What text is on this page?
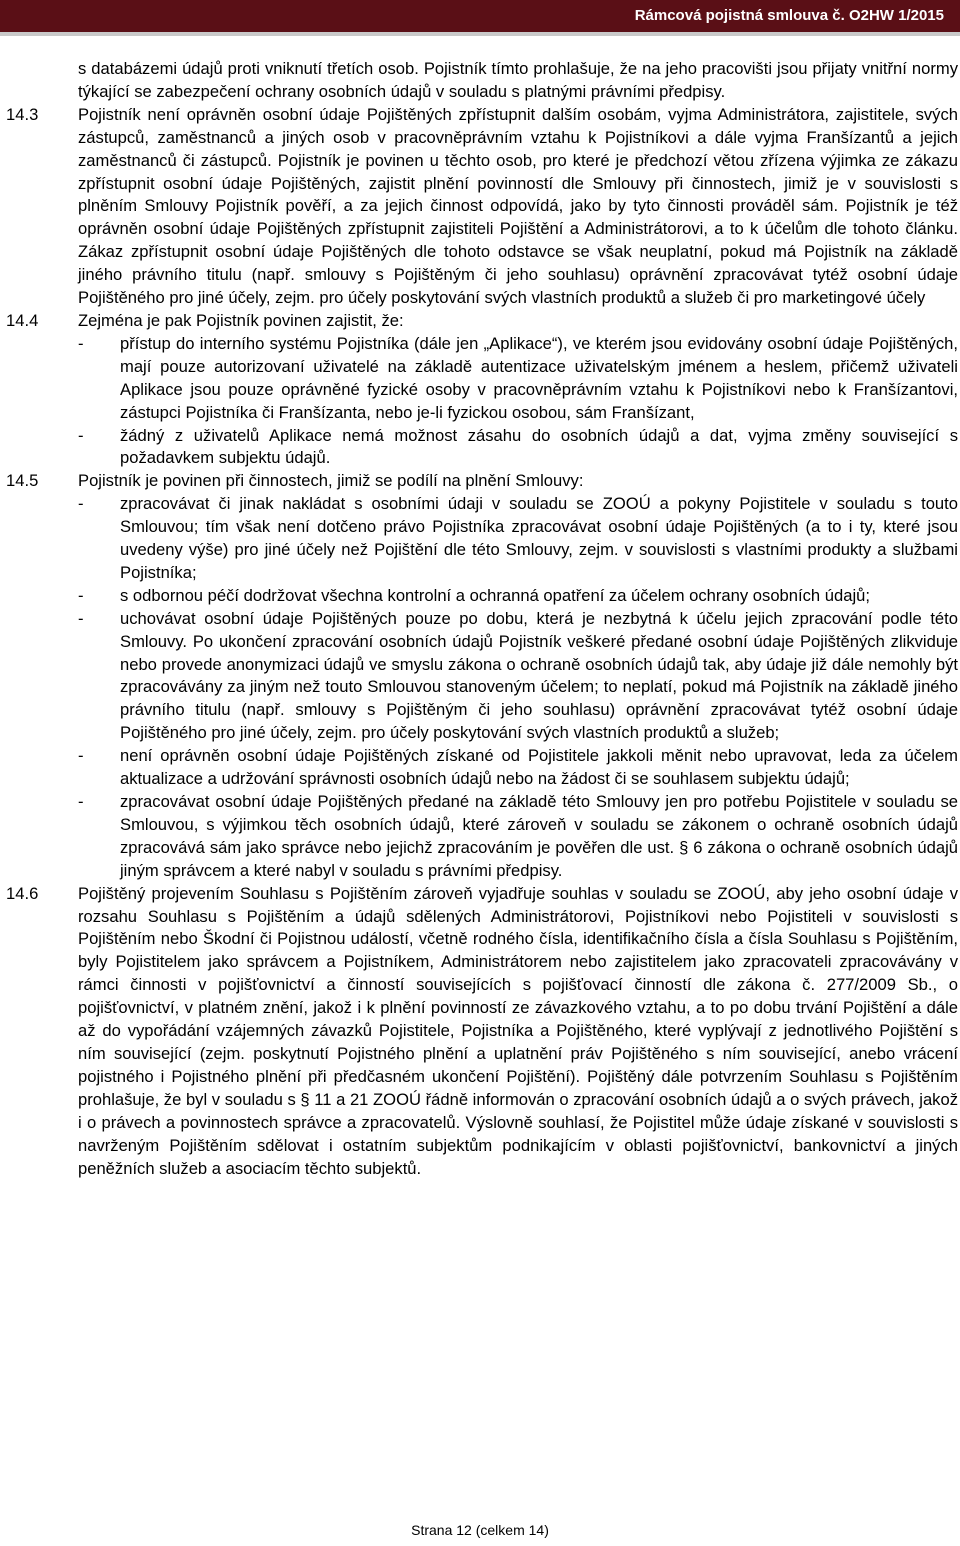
Rámcová pojistná smlouva č. O2HW 1/2015

s databázemi údajů proti vniknutí třetích osob. Pojistník tímto prohlašuje, že na jeho pracovišti jsou přijaty vnitřní normy týkající se zabezpečení ochrany osobních údajů v souladu s platnými právními předpisy.

14.3	Pojistník není oprávněn osobní údaje Pojištěných zpřístupnit dalším osobám, vyjma Administrátora, zajistitele, svých zástupců, zaměstnanců a jiných osob v pracovněprávním vztahu k Pojistníkovi a dále vyjma Franšízantů a jejich zaměstnanců či zástupců. Pojistník je povinen u těchto osob, pro které je předchozí větou zřízena výjimka ze zákazu zpřístupnit osobní údaje Pojištěných, zajistit plnění povinností dle Smlouvy při činnostech, jimiž je v souvislosti s plněním Smlouvy Pojistník pověří, a za jejich činnost odpovídá, jako by tyto činnosti prováděl sám. Pojistník je též oprávněn osobní údaje Pojištěných zpřístupnit zajistiteli Pojištění a Administrátorovi, a to k účelům dle tohoto článku. Zákaz zpřístupnit osobní údaje Pojištěných dle tohoto odstavce se však neuplatní, pokud má Pojistník na základě jiného právního titulu (např. smlouvy s Pojištěným či jeho souhlasu) oprávnění zpracovávat tytéž osobní údaje Pojištěného pro jiné účely, zejm. pro účely poskytování svých vlastních produktů a služeb či pro marketingové účely

14.4	Zejména je pak Pojistník povinen zajistit, že:

- přístup do interního systému Pojistníka (dále jen „Aplikace“), ve kterém jsou evidovány osobní údaje Pojištěných, mají pouze autorizovaní uživatelé na základě autentizace uživatelským jménem a heslem, přičemž uživateli Aplikace jsou pouze oprávněné fyzické osoby v pracovněprávním vztahu k Pojistníkovi nebo k Franšízantovi, zástupci Pojistníka či Franšízanta, nebo je-li fyzickou osobou, sám Franšízant,

- žádný z uživatelů Aplikace nemá možnost zásahu do osobních údajů a dat, vyjma změny související s požadavkem subjektu údajů.

14.5	Pojistník je povinen při činnostech, jimiž se podílí na plnění Smlouvy:

- zpracovávat či jinak nakládat s osobními údaji v souladu se ZOOÚ a pokyny Pojistitele v souladu s touto Smlouvou; tím však není dotčeno právo Pojistníka zpracovávat osobní údaje Pojištěných (a to i ty, které jsou uvedeny výše) pro jiné účely než Pojištění dle této Smlouvy, zejm. v souvislosti s vlastními produkty a službami Pojistníka;

- s odbornou péčí dodržovat všechna kontrolní a ochranná opatření za účelem ochrany osobních údajů;

- uchovávat osobní údaje Pojištěných pouze po dobu, která je nezbytná k účelu jejich zpracování podle této Smlouvy. Po ukončení zpracování osobních údajů Pojistník veškeré předané osobní údaje Pojištěných zlikviduje nebo provede anonymizaci údajů ve smyslu zákona o ochraně osobních údajů tak, aby údaje již dále nemohly být zpracovávány za jiným než touto Smlouvou stanoveným účelem; to neplatí, pokud má Pojistník na základě jiného právního titulu (např. smlouvy s Pojištěným či jeho souhlasu) oprávnění zpracovávat tytéž osobní údaje Pojištěného pro jiné účely, zejm. pro účely poskytování svých vlastních produktů a služeb;

- není oprávněn osobní údaje Pojištěných získané od Pojistitele jakkoli měnit nebo upravovat, leda za účelem aktualizace a udržování správnosti osobních údajů nebo na žádost či se souhlasem subjektu údajů;

- zpracovávat osobní údaje Pojištěných předané na základě této Smlouvy jen pro potřebu Pojistitele v souladu se Smlouvou, s výjimkou těch osobních údajů, které zároveň v souladu se zákonem o ochraně osobních údajů zpracovává sám jako správce nebo jejichž zpracováním je pověřen dle ust. § 6 zákona o ochraně osobních údajů jiným správcem a které nabyl v souladu s právními předpisy.

14.6	Pojištěný projevením Souhlasu s Pojištěním zároveň vyjadřuje souhlas v souladu se ZOOÚ, aby jeho osobní údaje v rozsahu Souhlasu s Pojištěním a údajů sdělených Administrátorovi, Pojistníkovi nebo Pojistiteli v souvislosti s Pojištěním nebo Škodní či Pojistnou událostí, včetně rodného čísla, identifikačního čísla a čísla Souhlasu s Pojištěním, byly Pojistitelem jako správcem a Pojistníkem, Administrátorem nebo zajistitelem jako zpracovateli zpracovávány v rámci činnosti v pojišťovnictví a činností souvisejících s pojišťovací činností dle zákona č. 277/2009 Sb., o pojišťovnictví, v platném znění, jakož i k plnění povinností ze závazkového vztahu, a to po dobu trvání Pojištění a dále až do vypořádání vzájemných závazků Pojistitele, Pojistníka a Pojištěného, které vyplývají z jednotlivého Pojištění s ním související (zejm. poskytnutí Pojistného plnění a uplatnění práv Pojištěného s ním související, anebo vrácení pojistného i Pojistného plnění při předčasném ukončení Pojištění). Pojištěný dále potvrzením Souhlasu s Pojištěním prohlašuje, že byl v souladu s § 11 a 21 ZOOÚ řádně informován o zpracování osobních údajů a o svých právech, jakož i o právech a povinnostech správce a zpracovatelů. Výslovně souhlasí, že Pojistitel může údaje získané v souvislosti s navrženým Pojištěním sdělovat i ostatním subjektům podnikajícím v oblasti pojišťovnictví, bankovnictví a jiných peněžních služeb a asociacím těchto subjektů.

Strana 12 (celkem 14)
